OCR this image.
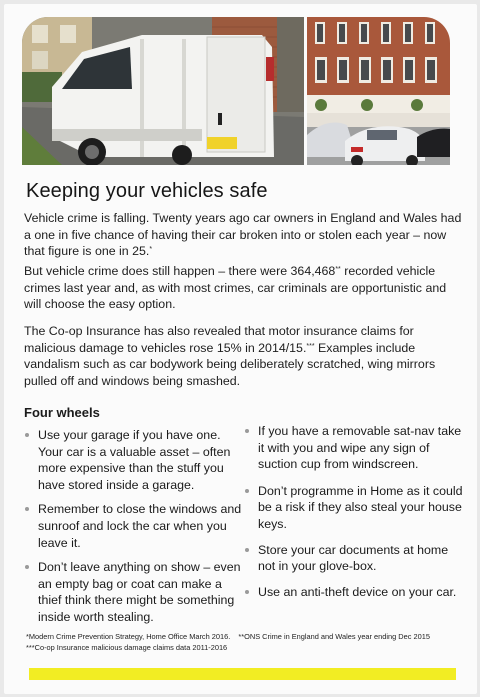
Keeping your vehicles safe

Vehicle crime is falling. Twenty years ago car owners in England and Wales had a one in five chance of having their car broken into or stolen each year – now that figure is one in 25.*

But vehicle crime does still happen – there were 364,468** recorded vehicle crimes last year and, as with most crimes, car criminals are opportunistic and will choose the easy option.

The Co-op Insurance has also revealed that motor insurance claims for malicious damage to vehicles rose 15% in 2014/15.*** Examples include vandalism such as car bodywork being deliberately scratched, wing mirrors pulled off and windows being smashed.

Four wheels
Use your garage if you have one. Your car is a valuable asset – often more expensive than the stuff you have stored inside a garage.
Remember to close the windows and sunroof and lock the car when you leave it.
Don’t leave anything on show – even an empty bag or coat can make a thief think there might be something inside worth stealing.
If you have a removable sat-nav take it with you and wipe any sign of suction cup from windscreen.
Don’t programme in Home as it could be a risk if they also steal your house keys.
Store your car documents at home not in your glove-box.
Use an anti-theft device on your car.
*Modern Crime Prevention Strategy, Home Office March 2016. **ONS Crime in England and Wales year ending Dec 2015
***Co-op Insurance malicious damage claims data 2011-2016
